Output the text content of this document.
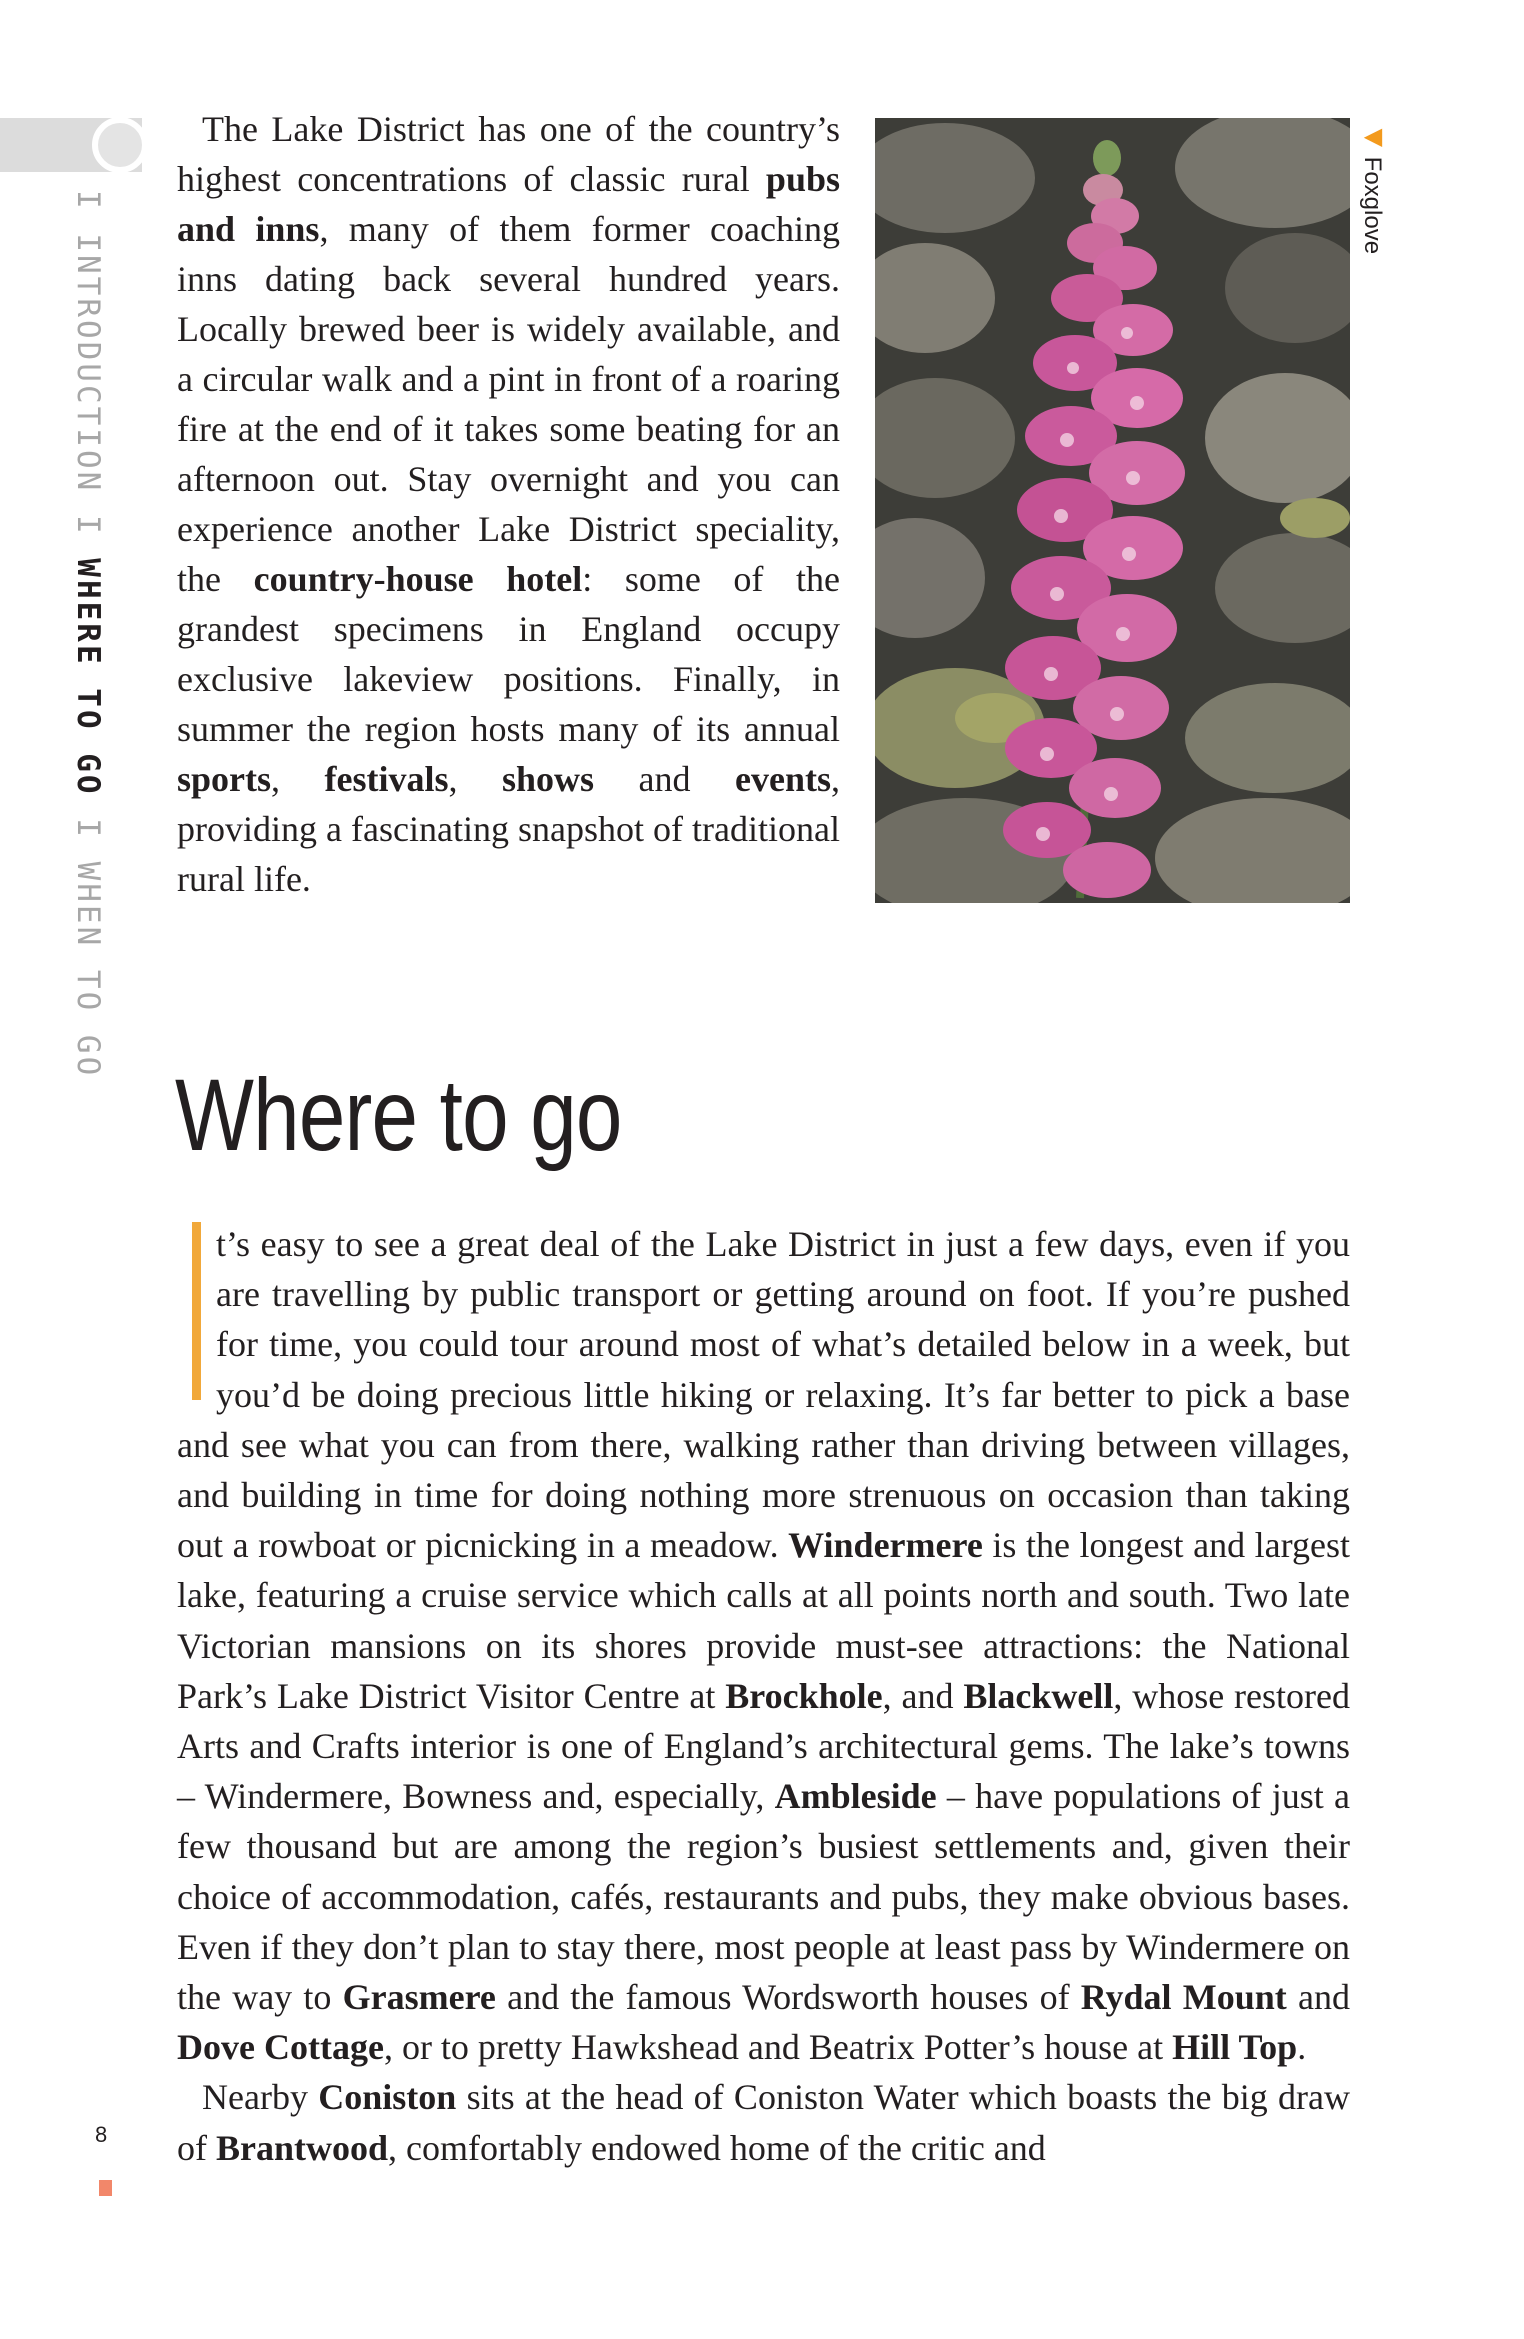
I INTRODUCTION I WHERE TO GO I WHEN TO GO

The Lake District has one of the country’s highest concentrations of classic rural pubs and inns, many of them former coaching inns dating back several hundred years. Locally brewed beer is widely available, and a circular walk and a pint in front of a roaring fire at the end of it takes some beating for an afternoon out. Stay overnight and you can experience another Lake District speciality, the country-house hotel: some of the grandest specimens in England occupy exclusive lakeview positions. Finally, in summer the region hosts many of its annual sports, festivals, shows and events, providing a fascinating snapshot of traditional rural life.

◀ Foxglove
Where to go

t’s easy to see a great deal of the Lake District in just a few days, even if you are travelling by public transport or getting around on foot. If you’re pushed for time, you could tour around most of what’s detailed below in a week, but you’d be doing precious little hiking or relaxing. It’s far better to pick a base and see what you can from there, walking rather than driving between villages, and building in time for doing nothing more strenuous on occasion than taking out a rowboat or picnicking in a meadow. Windermere is the longest and largest lake, featuring a cruise service which calls at all points north and south. Two late Victorian mansions on its shores provide must-see attractions: the National Park’s Lake District Visitor Centre at Brockhole, and Blackwell, whose restored Arts and Crafts interior is one of England’s architectural gems. The lake’s towns – Windermere, Bowness and, especially, Ambleside – have populations of just a few thousand but are among the region’s busiest settlements and, given their choice of accommodation, cafés, restaurants and pubs, they make obvious bases. Even if they don’t plan to stay there, most people at least pass by Windermere on the way to Grasmere and the famous Wordsworth houses of Rydal Mount and Dove Cottage, or to pretty Hawkshead and Beatrix Potter’s house at Hill Top.
Nearby Coniston sits at the head of Coniston Water which boasts the big draw of Brantwood, comfortably endowed home of the critic and

8
